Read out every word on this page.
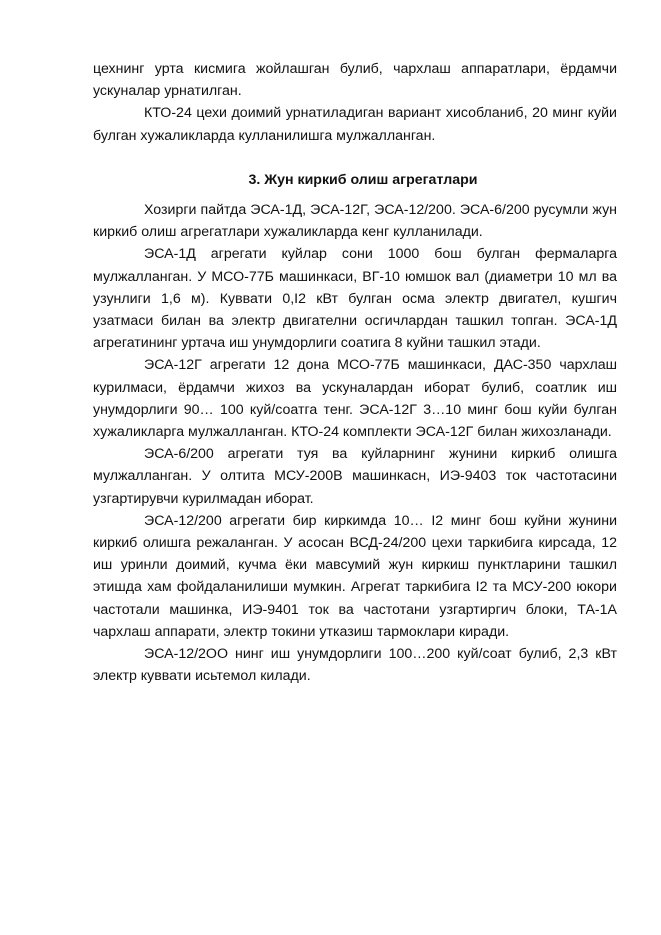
цехнинг урта кисмига жойлашган булиб, чархлаш аппаратлари, ёрдамчи ускуналар урнатилган.

КТО-24 цехи доимий урнатиладиган вариант хисобланиб, 20 минг куйи булган хужаликларда кулланилишга мулжалланган.

3. Жун киркиб олиш агрегатлари

Хозирги пайтда ЭСА-1Д, ЭСА-12Г, ЭСА-12/200. ЭСА-6/200 русумли жун киркиб олиш агрегатлари хужаликларда кенг кулланилади.

ЭСА-1Д агрегати куйлар сони 1000 бош булган фермаларга мулжалланган. У МСО-77Б машинкаси, ВГ-10 юмшок вал (диаметри 10 мл ва узунлиги 1,6 м). Куввати 0,I2 кВт булган осма электр двигател, кушгич узатмаси билан ва электр двигателни осгичлардан ташкил топган. ЭСА-1Д агрегатининг уртача иш унумдорлиги соатига 8 куйни ташкил этади.

ЭСА-12Г агрегати 12 дона МСО-77Б машинкаси, ДАС-350 чархлаш курилмаси, ёрдамчи жихоз ва ускуналардан иборат булиб, соатлик иш унумдорлиги 90… 100 куй/соатга тенг. ЭСА-12Г 3…10 минг бош куйи булган хужаликларга мулжалланган. КТО-24 комплекти ЭСА-12Г билан жихозланади.

ЭСА-6/200 агрегати туя ва куйларнинг жунини киркиб олишга мулжалланган. У олтита МСУ-200В машинкасн, ИЭ-9403 ток частотасини узгартирувчи курилмадан иборат.

ЭСА-12/200 агрегати бир киркимда 10… I2 минг бош куйни жунини киркиб олишга режаланган. У асосан ВСД-24/200 цехи таркибига кирсада, 12 иш уринли доимий, кучма ёки мавсумий жун киркиш пунктларини ташкил этишда хам фойдаланилиши мумкин. Агрегат таркибига I2 та МСУ-200 юкори частотали машинка, ИЭ-9401 ток ва частотани узгартиргич блоки, ТА-1А чархлаш аппарати, электр токини утказиш тармоклари киради.

ЭСА-12/2ОО нинг иш унумдорлиги 100…200 куй/соат булиб, 2,3 кВт электр куввати исьтемол килади.
